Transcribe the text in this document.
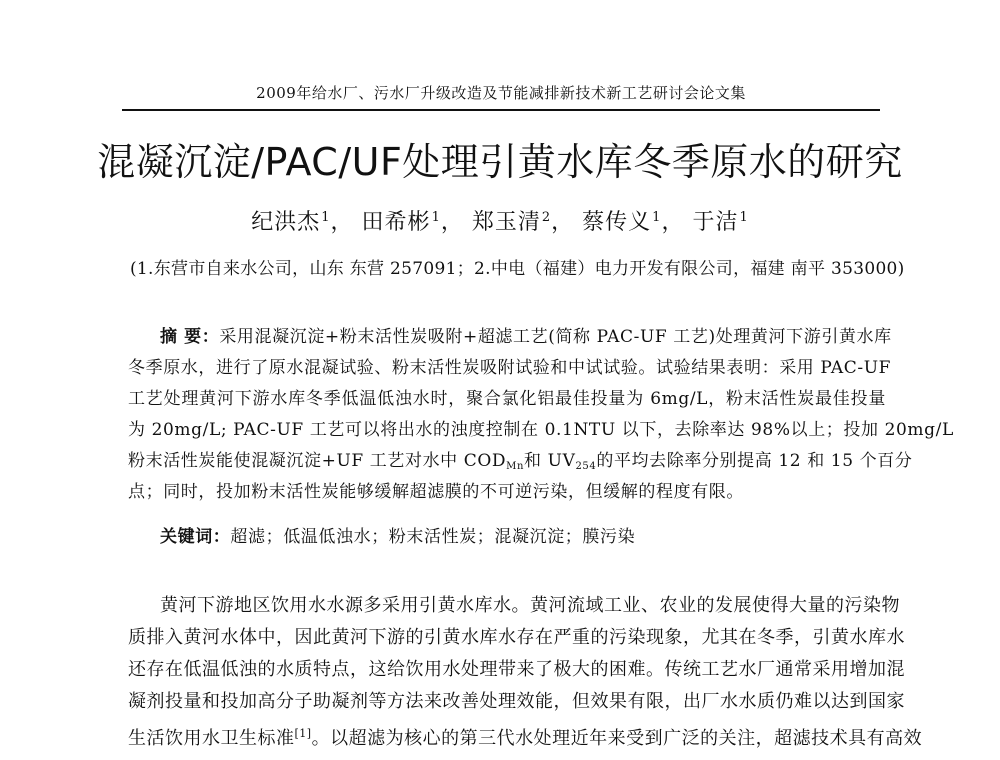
2009年给水厂、污水厂升级改造及节能减排新技术新工艺研讨会论文集
混凝沉淀/PAC/UF处理引黄水库冬季原水的研究
纪洪杰$^1$， 田希彬$^1$， 郑玉清$^2$， 蔡传义$^1$， 于洁$^1$
(1.东营市自来水公司，山东 东营 257091；2.中电（福建）电力开发有限公司，福建 南平 353000)
摘 要：采用混凝沉淀+粉末活性炭吸附+超滤工艺(简称 PAC-UF 工艺)处理黄河下游引黄水库
冬季原水，进行了原水混凝试验、粉末活性炭吸附试验和中试试验。试验结果表明：采用 PAC-UF
工艺处理黄河下游水库冬季低温低浊水时，聚合氯化铝最佳投量为 6mg/L，粉末活性炭最佳投量
为 20mg/L; PAC-UF 工艺可以将出水的浊度控制在 0.1NTU 以下，去除率达 98%以上；投加 20mg/L
粉末活性炭能使混凝沉淀+UF 工艺对水中 $COD_{Mn}$和 $UV_{254}$的平均去除率分别提高 12 和 15 个百分
点；同时，投加粉末活性炭能够缓解超滤膜的不可逆污染，但缓解的程度有限。
关键词：超滤；低温低浊水；粉末活性炭；混凝沉淀；膜污染
黄河下游地区饮用水水源多采用引黄水库水。黄河流域工业、农业的发展使得大量的污染物
质排入黄河水体中，因此黄河下游的引黄水库水存在严重的污染现象，尤其在冬季，引黄水库水
还存在低温低浊的水质特点，这给饮用水处理带来了极大的困难。传统工艺水厂通常采用增加混
凝剂投量和投加高分子助凝剂等方法来改善处理效能，但效果有限，出厂水水质仍难以达到国家
生活饮用水卫生标准[1]。以超滤为核心的第三代水处理近年来受到广泛的关注，超滤技术具有高效
